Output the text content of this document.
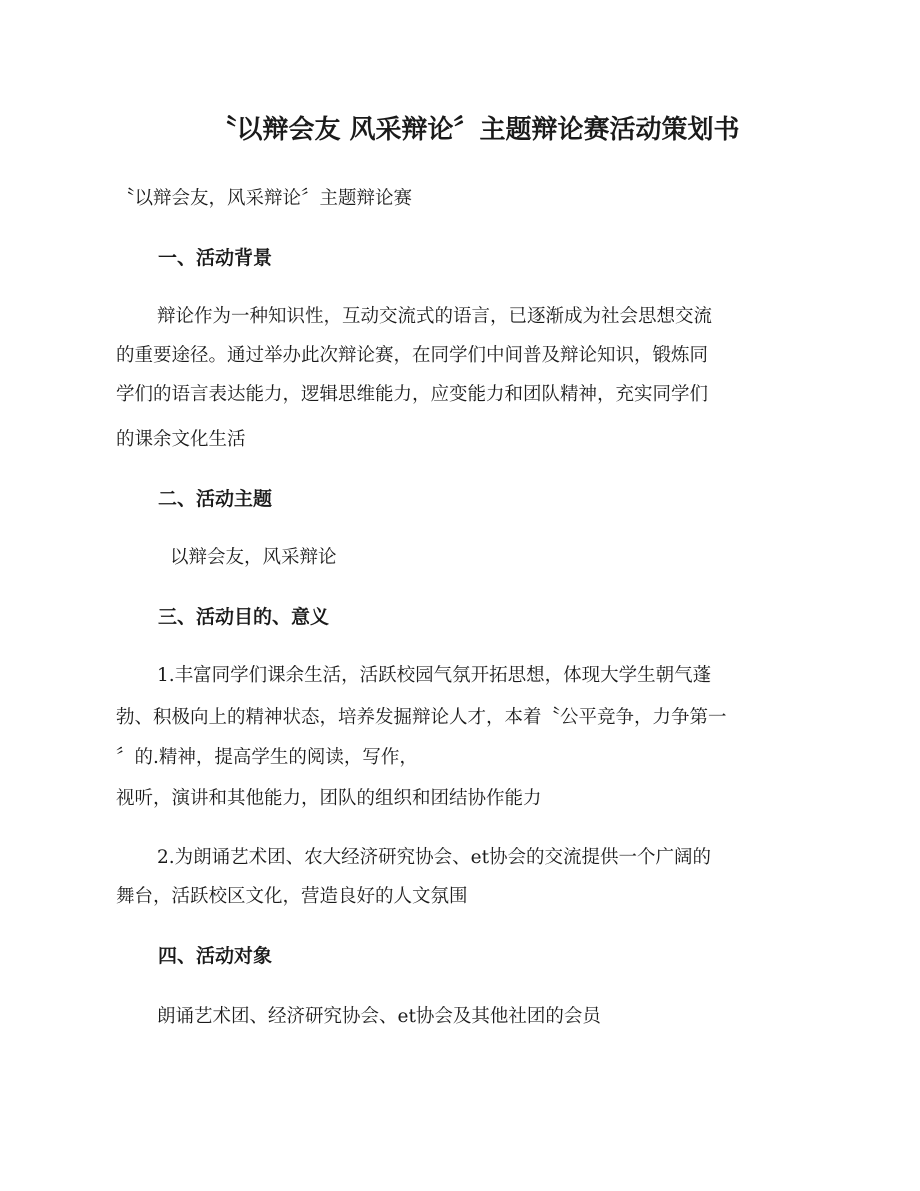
〝以辩会友 风采辩论〞主题辩论赛活动策划书
〝以辩会友，风采辩论〞主题辩论赛
一、活动背景
辩论作为一种知识性，互动交流式的语言，已逐渐成为社会思想交流
的重要途径。通过举办此次辩论赛，在同学们中间普及辩论知识，锻炼同
学们的语言表达能力，逻辑思维能力，应变能力和团队精神，充实同学们
的课余文化生活
二、活动主题
以辩会友，风采辩论
三、活动目的、意义
1.丰富同学们课余生活，活跃校园气氛开拓思想，体现大学生朝气蓬
勃、积极向上的精神状态，培养发掘辩论人才，本着〝公平竞争，力争第一
〞的.精神，提高学生的阅读，写作，
视听，演讲和其他能力，团队的组织和团结协作能力
2.为朗诵艺术团、农大经济研究协会、et协会的交流提供一个广阔的
舞台，活跃校区文化，营造良好的人文氛围
四、活动对象
朗诵艺术团、经济研究协会、et协会及其他社团的会员
